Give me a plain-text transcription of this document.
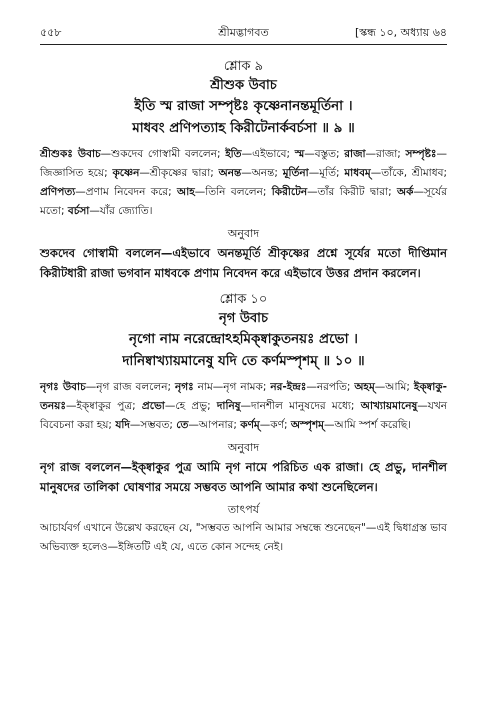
৫৫৮	শ্রীমদ্ভাগবত	[স্কন্ধ ১০, অধ্যায় ৬৪

শ্লোক ৯

শ্রীশুক উবাচ

ইতি স্ম রাজা সম্পৃষ্টঃ কৃষ্ণেনানন্তমূর্তিনা ।

মাধবং প্রণিপত্যাহ কিরীটেনার্কবর্চসা ॥ ৯ ॥

শ্রীশুকঃ উবাচ—শুকদেব গোস্বামী বললেন; ইতি—এইভাবে; স্ম—বস্তুত; রাজা—রাজা; সম্পৃষ্টঃ—জিজ্ঞাসিত হয়ে; কৃষ্ণেন—শ্রীকৃষ্ণের দ্বারা; অনন্ত—অনন্ত; মূর্তিনা—মূর্তি; মাধবম্—তাঁকে, শ্রীমাধব; প্রণিপত্য—প্রণাম নিবেদন করে; আহ—তিনি বললেন; কিরীটেন—তাঁর কিরীট দ্বারা; অর্ক—সূর্যের মতো; বর্চসা—যাঁর জ্যোতি।

অনুবাদ

শুকদেব গোস্বামী বললেন—এইভাবে অনন্তমূর্তি শ্রীকৃষ্ণের প্রশ্নে সূর্যের মতো দীপ্তিমান কিরীটধারী রাজা ভগবান মাধবকে প্রণাম নিবেদন করে এইভাবে উত্তর প্রদান করলেন।

শ্লোক ১০

নৃগ উবাচ

নৃগো নাম নরেন্দ্রোঽহমিক্ষ্বাকুতনয়ঃ প্রভো ।

দানিষ্বাখ্যায়মানেষু যদি তে কর্ণমস্পৃশম্ ॥ ১০ ॥

নৃগঃ উবাচ—নৃগ রাজ বললেন; নৃগঃ নাম—নৃগ নামক; নর-ইন্দ্রঃ—নরপতি; অহম্—আমি; ইক্ষ্বাকু-তনয়ঃ—ইক্ষ্বাকুর পুত্র; প্রভো—হে প্রভু; দানিষু—দানশীল মানুষদের মধ্যে; আখ্যায়মানেষু—যখন বিবেচনা করা হয়; যদি—সম্ভবত; তে—আপনার; কর্ণম্—কর্ণ; অস্পৃশম্—আমি স্পর্শ করেছি।

অনুবাদ

নৃগ রাজ বললেন—ইক্ষ্বাকুর পুত্র আমি নৃগ নামে পরিচিত এক রাজা। হে প্রভু, দানশীল মানুষদের তালিকা ঘোষণার সময়ে সম্ভবত আপনি আমার কথা শুনেছিলেন।

তাৎপর্য

আচার্যবর্গ এখানে উল্লেখ করছেন যে, "সম্ভবত আপনি আমার সম্বন্ধে শুনেছেন"—এই দ্বিধাগ্রস্ত ভাব অভিব্যক্ত হলেও—ইঙ্গিতটি এই যে, এতে কোন সন্দেহ নেই।
